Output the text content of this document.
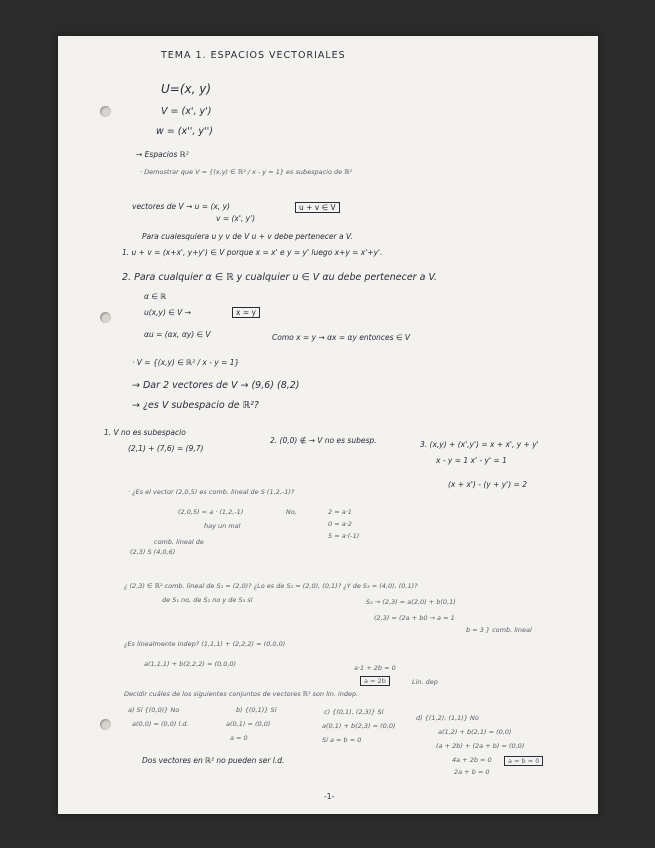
TEMA 1. ESPACIOS VECTORIALES
U=(x, y)
V = (x', y')
w = (x'', y'')
→ Espacios ℝ²
· Demostrar que V = {(x,y) ∈ ℝ² / x - y = 1} es subespacio de ℝ²
vectores de V → u = (x, y)
v = (x', y')
u + v ∈ V
Para cualesquiera u y v de V u + v debe pertenecer a V.
1. u + v = (x+x', y+y') ∈ V porque x = x' e y = y' luego x+y = x'+y'.
2. Para cualquier α ∈ ℝ y cualquier u ∈ V αu debe pertenecer a V.
α ∈ ℝ
u(x,y) ∈ V →	x = y
αu = (αx, αy) ∈ V	Como x = y → αx = αy entonces ∈ V
· V = {(x,y) ∈ ℝ² / x - y = 1}
→ Dar 2 vectores de V → (9,6) (8,2)
→ ¿es V subespacio de ℝ²?
1. V no es subespacio
(2,1) + (7,6) = (9,7)
2. (0,0) ∉ → V no es subesp.	3. (x,y) + (x',y') = x + x', y + y'
x - y = 1 x' - y' = 1
(x + x') - (y + y') = 2
· ¿Es el vector (2,0,5) es comb. lineal de S (1,2,-1)?
(2,0,5) = a · (1,2,-1)	No,	2 = a·1
0 = a·2
5 = a·(-1)
hay un mal
comb. lineal de
(2,3) S (4,0,6)
¿ (2,3) ∈ ℝ² comb. lineal de S₁ = (2,0)? ¿Lo es de S₂ = (2,0), (0,1)? ¿Y de S₃ = (4,0), (0,1)?
de S₁ no, de S₂ no y de S₃ sí	S₂ → (2,3) = a(2,0) + b(0,1)
(2,3) = (2a + b0 → a = 1
b = 3 } comb. lineal
¿Es linealmente indep? (1,1,1) + (2,2,2) = (0,0,0)
a(1,1,1) + b(2,2,2) = (0,0,0)	a·1 + 2b = 0
a = 2b	Lin. dep
Decidir cuáles de los siguientes conjuntos de vectores ℝ² son lin. indep.
a) Sí {(0,0)} No	b) {(0,1)} Sí	c) {(0,1), (2,3)} Sí
d) {(1,2), (1,1)} No
a(0,0) = (0,0) l.d.	a(0,1) = (0,0)
a = 0
a(0,1) + b(2,3) = (0,0)
Sí a = b = 0
a(1,2) + b(2,1) = (0,0)
(a + 2b) + (2a + b) = (0,0)
4a + 2b = 0
2a + b = 0
a = b = 0
Dos vectores en ℝ² no pueden ser l.d.
-1-
